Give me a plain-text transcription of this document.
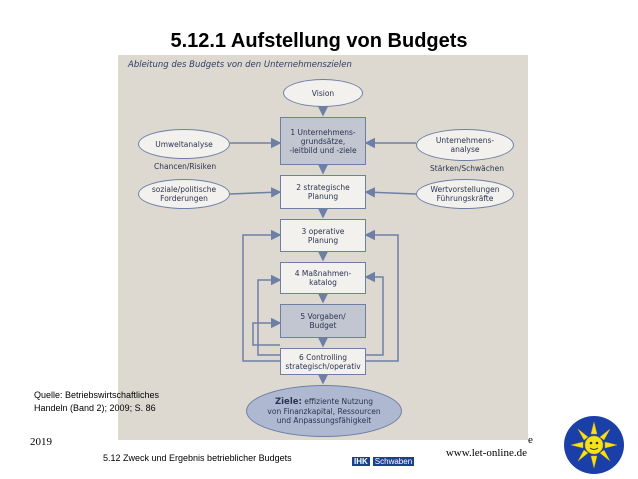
5.12.1 Aufstellung von Budgets
Ableitung des Budgets von den Unternehmenszielen
Vision
1 Unternehmens-
grundsätze,
-leitbild und -ziele
2 strategische
Planung
3 operative
Planung
4 Maßnahmen-
katalog
5 Vorgaben/
Budget
6 Controlling
strategisch/operativ
Umweltanalyse
Chancen/Risiken
soziale/politische
Forderungen
Unternehmens-
analyse
Stärken/Schwächen
Wertvorstellungen
Führungskräfte
Ziele: effiziente Nutzung
von Finanzkapital, Ressourcen
und Anpassungsfähigkeit
Quelle: Betriebswirtschaftliches
Handeln (Band 2); 2009; S. 86
2019	e
5.12 Zweck und Ergebnis betrieblicher Budgets	www.let-online.de
IHK Schwaben
